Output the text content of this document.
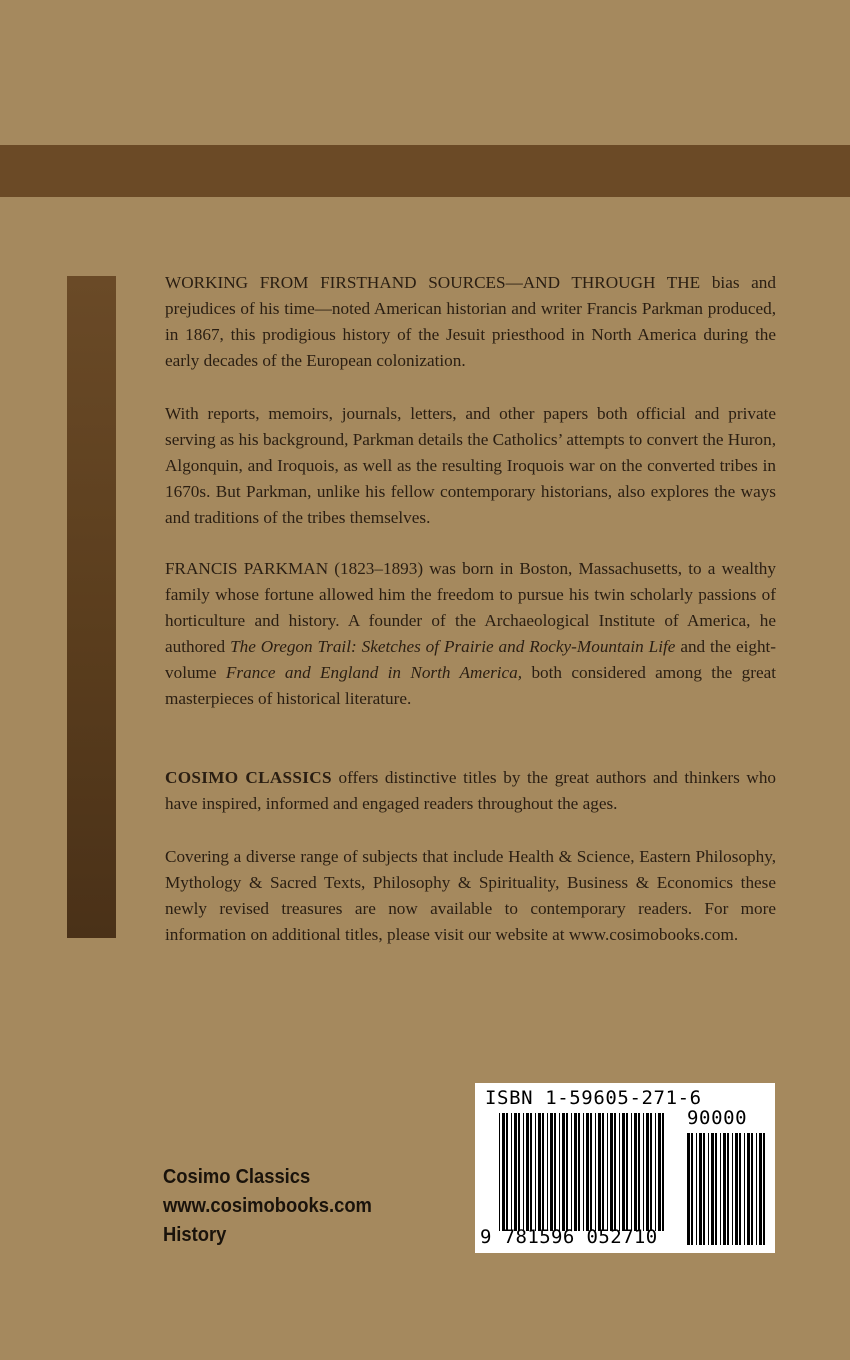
WORKING FROM FIRSTHAND SOURCES—AND THROUGH THE bias and prejudices of his time—noted American historian and writer Francis Parkman produced, in 1867, this prodigious history of the Jesuit priesthood in North America during the early decades of the European colonization.

With reports, memoirs, journals, letters, and other papers both official and private serving as his background, Parkman details the Catholics’ attempts to convert the Huron, Algonquin, and Iroquois, as well as the resulting Iroquois war on the converted tribes in 1670s. But Parkman, unlike his fellow contemporary historians, also explores the ways and traditions of the tribes themselves.

FRANCIS PARKMAN (1823–1893) was born in Boston, Massachusetts, to a wealthy family whose fortune allowed him the freedom to pursue his twin scholarly passions of horticulture and history. A founder of the Archaeological Institute of America, he authored The Oregon Trail: Sketches of Prairie and Rocky-Mountain Life and the eight-volume France and England in North America, both considered among the great masterpieces of historical literature.

COSIMO CLASSICS offers distinctive titles by the great authors and thinkers who have inspired, informed and engaged readers throughout the ages.

Covering a diverse range of subjects that include Health & Science, Eastern Philosophy, Mythology & Sacred Texts, Philosophy & Spirituality, Business & Economics these newly revised treasures are now available to contemporary readers. For more information on additional titles, please visit our website at www.cosimobooks.com.

Cosimo Classics
www.cosimobooks.com
History
ISBN 1-59605-271-6
90000
9 781596 052710
